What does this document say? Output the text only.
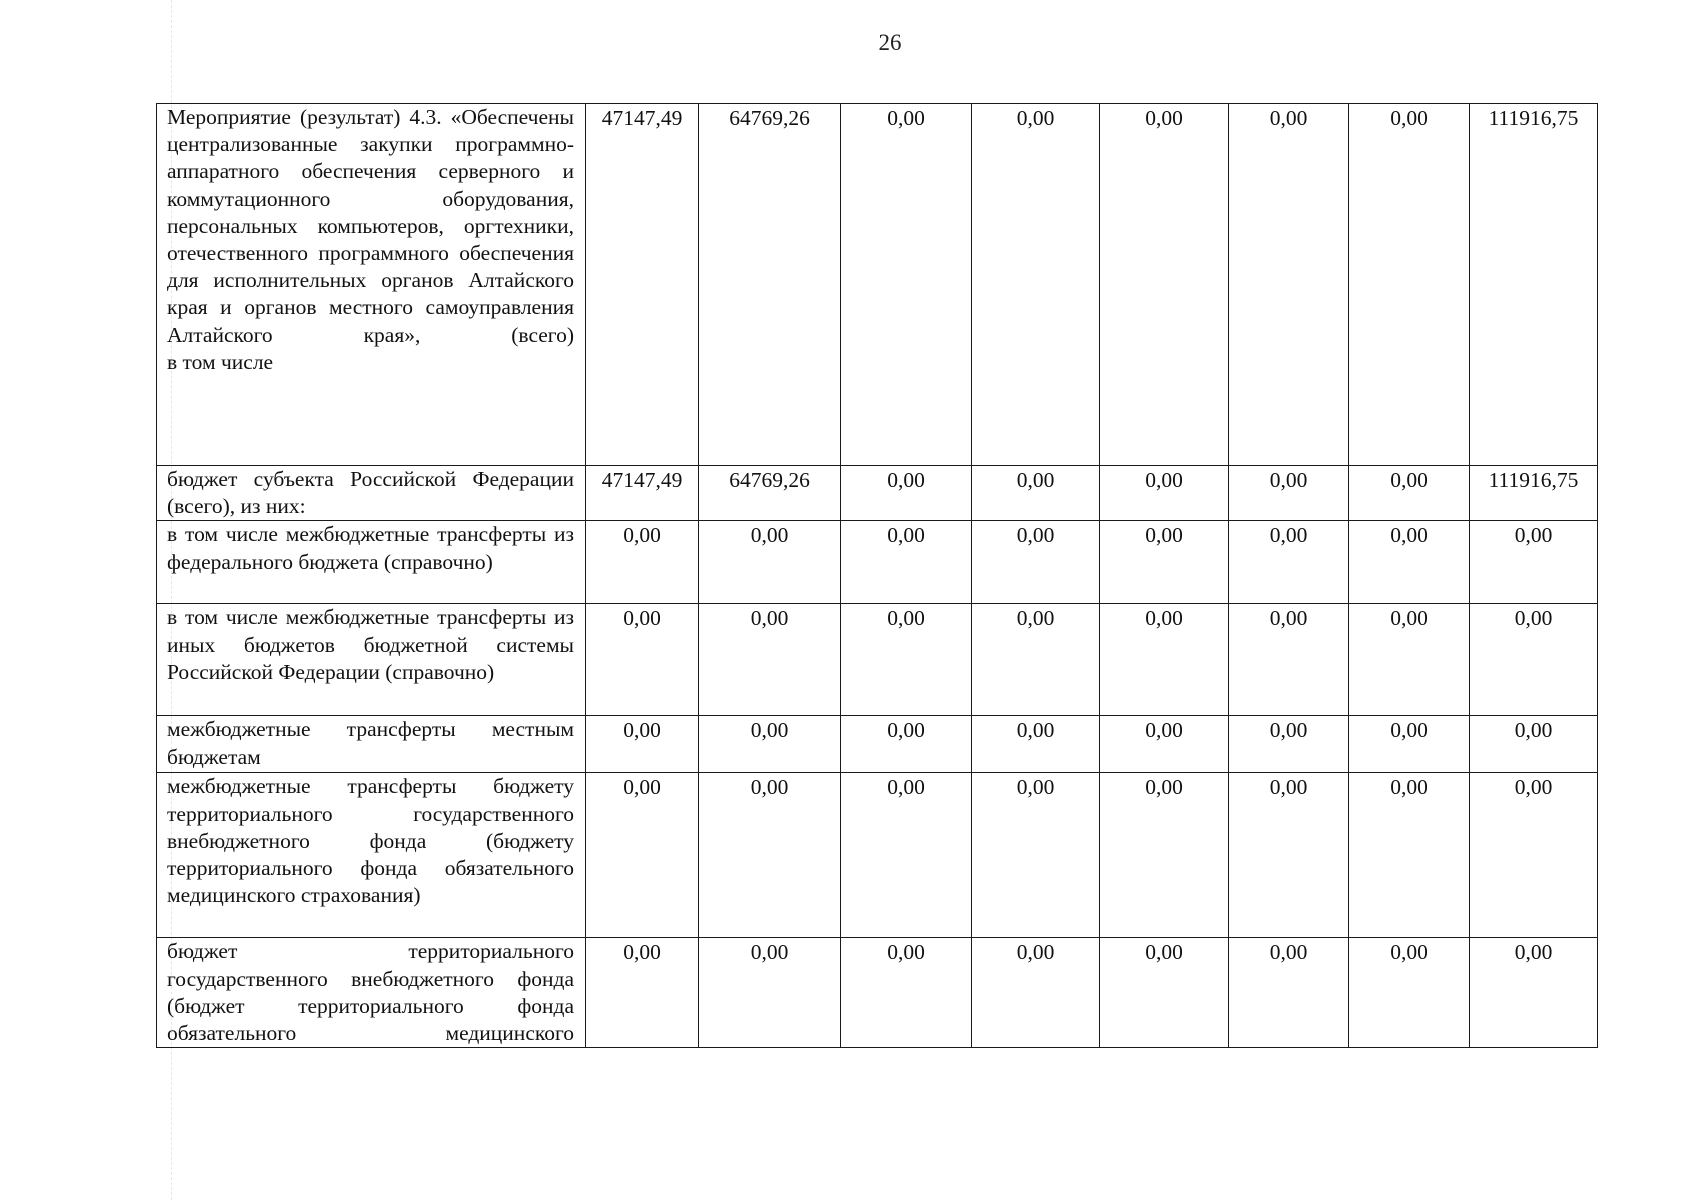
26
Мероприятие (результат) 4.3. «Обеспечены централизованные закупки программно-аппаратного обеспечения серверного и коммутационного оборудования, персональных компьютеров, оргтехники, отечественного программного обеспечения для исполнительных органов Алтайского края и органов местного самоуправления Алтайского края», (всего)
в том числе	47147,49	64769,26	0,00	0,00	0,00	0,00	0,00	111916,75
бюджет субъекта Российской Федерации (всего), из них:	47147,49	64769,26	0,00	0,00	0,00	0,00	0,00	111916,75
в том числе межбюджетные трансферты из федерального бюджета (справочно)	0,00	0,00	0,00	0,00	0,00	0,00	0,00	0,00
в том числе межбюджетные трансферты из иных бюджетов бюджетной системы Российской Федерации (справочно)	0,00	0,00	0,00	0,00	0,00	0,00	0,00	0,00
межбюджетные трансферты местным бюджетам	0,00	0,00	0,00	0,00	0,00	0,00	0,00	0,00
межбюджетные трансферты бюджету территориального государственного внебюджетного фонда (бюджету территориального фонда обязательного медицинского страхования)	0,00	0,00	0,00	0,00	0,00	0,00	0,00	0,00
бюджет территориального государственного внебюджетного фонда (бюджет территориального фонда обязательного медицинского	0,00	0,00	0,00	0,00	0,00	0,00	0,00	0,00
